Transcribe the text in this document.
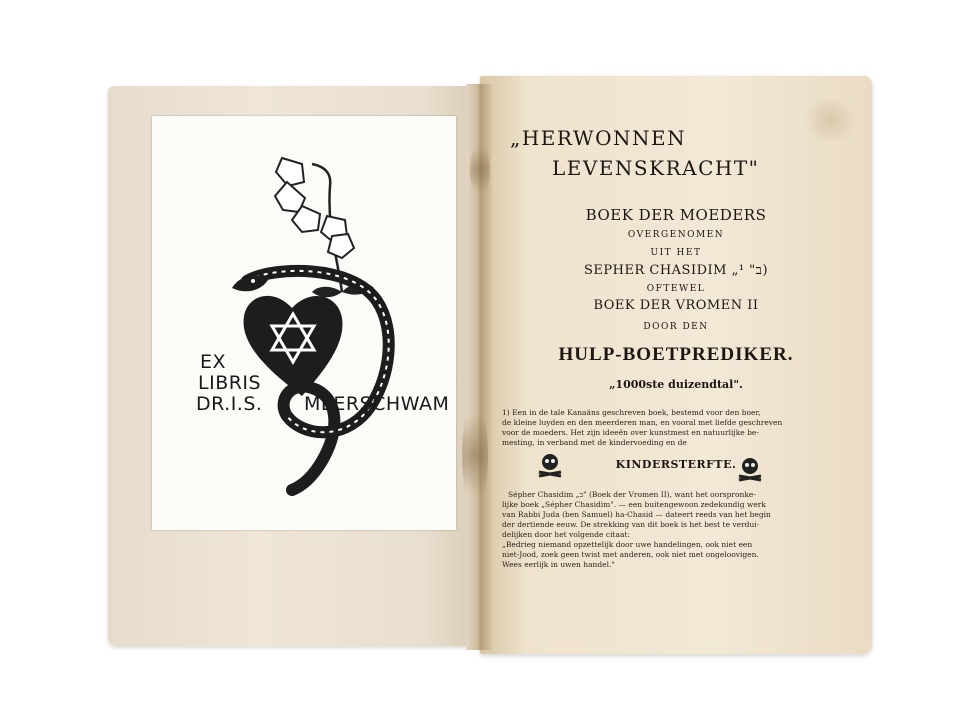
EX
LIBRIS
DR.I.S. MEERSCHWAM
„HERWONNEN
LEVENSKRACHT"
BOEK DER MOEDERS
OVERGENOMEN
UIT HET
SEPHER CHASIDIM „ב" ¹)
OFTEWEL
BOEK DER VROMEN II
DOOR DEN
HULP-BOETPREDIKER.
„1000ste duizendtal".
1) Een in de tale Kanaäns geschreven boek, bestemd voor den boer,
de kleine luyden en den meerderen man, en vooral met liefde geschreven
voor de moeders. Het zijn ideeën over kunstmest en natuurlijke be-
mesting, in verband met de kindervoeding en de
KINDERSTERFTE.
Sépher Chasidim „ב" (Boek der Vromen II), want het oorspronke-
lijke boek „Sépher Chasidim". — een buitengewoon zedekundig werk
van Rabbi Juda (ben Samuel) ha-Chasid — dateert reeds van het begin
der dertiende eeuw. De strekking van dit boek is het best te verdui-
delijken door het volgende citaat:
„Bedrieg niemand opzettelijk door uwe handelingen, ook niet een
niet-Jood, zoek geen twist met anderen, ook niet met ongeloovigen.
Wees eerlijk in uwen handel."
